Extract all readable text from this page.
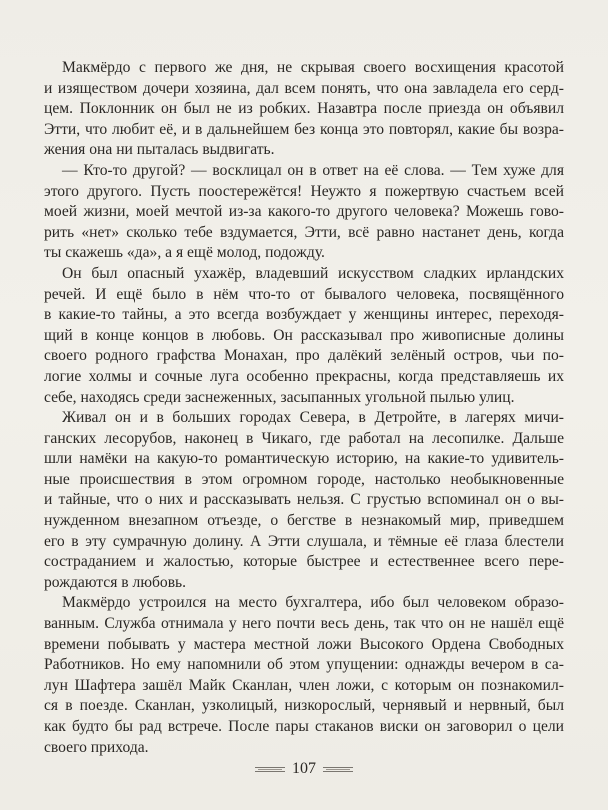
Макмёрдо с первого же дня, не скрывая своего восхищения красотой
и изяществом дочери хозяина, дал всем понять, что она завладела его серд-
цем. Поклонник он был не из робких. Назавтра после приезда он объявил
Этти, что любит её, и в дальнейшем без конца это повторял, какие бы возра-
жения она ни пыталась выдвигать.
— Кто-то другой? — восклицал он в ответ на её слова. — Тем хуже для
этого другого. Пусть поостережётся! Неужто я пожертвую счастьем всей
моей жизни, моей мечтой из-за какого-то другого человека? Можешь гово-
рить «нет» сколько тебе вздумается, Этти, всё равно настанет день, когда
ты скажешь «да», а я ещё молод, подожду.
Он был опасный ухажёр, владевший искусством сладких ирландских
речей. И ещё было в нём что-то от бывалого человека, посвящённого
в какие-то тайны, а это всегда возбуждает у женщины интерес, переходя-
щий в конце концов в любовь. Он рассказывал про живописные долины
своего родного графства Монахан, про далёкий зелёный остров, чьи по-
логие холмы и сочные луга особенно прекрасны, когда представляешь их
себе, находясь среди заснеженных, засыпанных угольной пылью улиц.
Живал он и в больших городах Севера, в Детройте, в лагерях мичи-
ганских лесорубов, наконец в Чикаго, где работал на лесопилке. Дальше
шли намёки на какую-то романтическую историю, на какие-то удивитель-
ные происшествия в этом огромном городе, настолько необыкновенные
и тайные, что о них и рассказывать нельзя. С грустью вспоминал он о вы-
нужденном внезапном отъезде, о бегстве в незнакомый мир, приведшем
его в эту сумрачную долину. А Этти слушала, и тёмные её глаза блестели
состраданием и жалостью, которые быстрее и естественнее всего пере-
рождаются в любовь.
Макмёрдо устроился на место бухгалтера, ибо был человеком образо-
ванным. Служба отнимала у него почти весь день, так что он не нашёл ещё
времени побывать у мастера местной ложи Высокого Ордена Свободных
Работников. Но ему напомнили об этом упущении: однажды вечером в са-
лун Шафтера зашёл Майк Сканлан, член ложи, с которым он познакомил-
ся в поезде. Сканлан, узколицый, низкорослый, чернявый и нервный, был
как будто бы рад встрече. После пары стаканов виски он заговорил о цели
своего прихода.
107
